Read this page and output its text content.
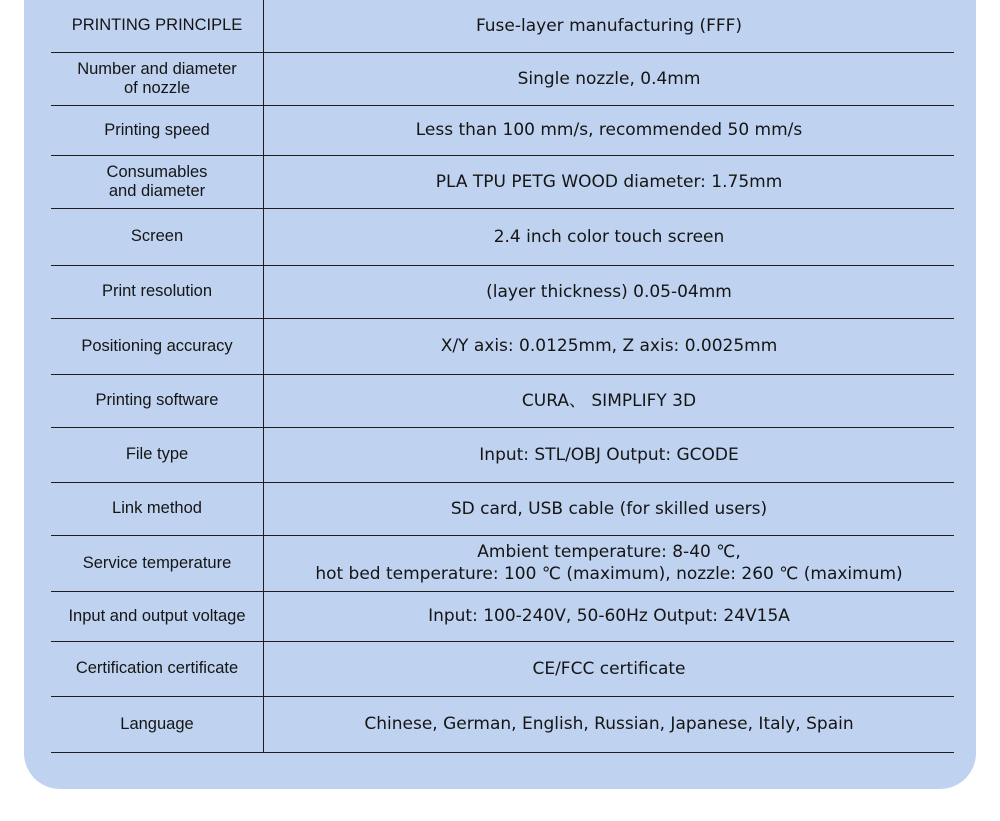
PRINTING PRINCIPLE	Fuse-layer manufacturing (FFF)

Number and diameter
of nozzle	Single nozzle, 0.4mm

Printing speed	Less than 100 mm/s, recommended 50 mm/s

Consumables
and diameter	PLA TPU PETG WOOD diameter: 1.75mm

Screen	2.4 inch color touch screen

Print resolution	(layer thickness) 0.05-04mm

Positioning accuracy	X/Y axis: 0.0125mm, Z axis: 0.0025mm

Printing software	CURA、 SIMPLIFY 3D

File type	Input: STL/OBJ Output: GCODE

Link method	SD card, USB cable (for skilled users)

Service temperature	Ambient temperature: 8-40 ℃,
hot bed temperature: 100 ℃ (maximum), nozzle: 260 ℃ (maximum)

Input and output voltage	Input: 100-240V, 50-60Hz Output: 24V15A

Certification certificate	CE/FCC certificate

Language	Chinese, German, English, Russian, Japanese, Italy, Spain
